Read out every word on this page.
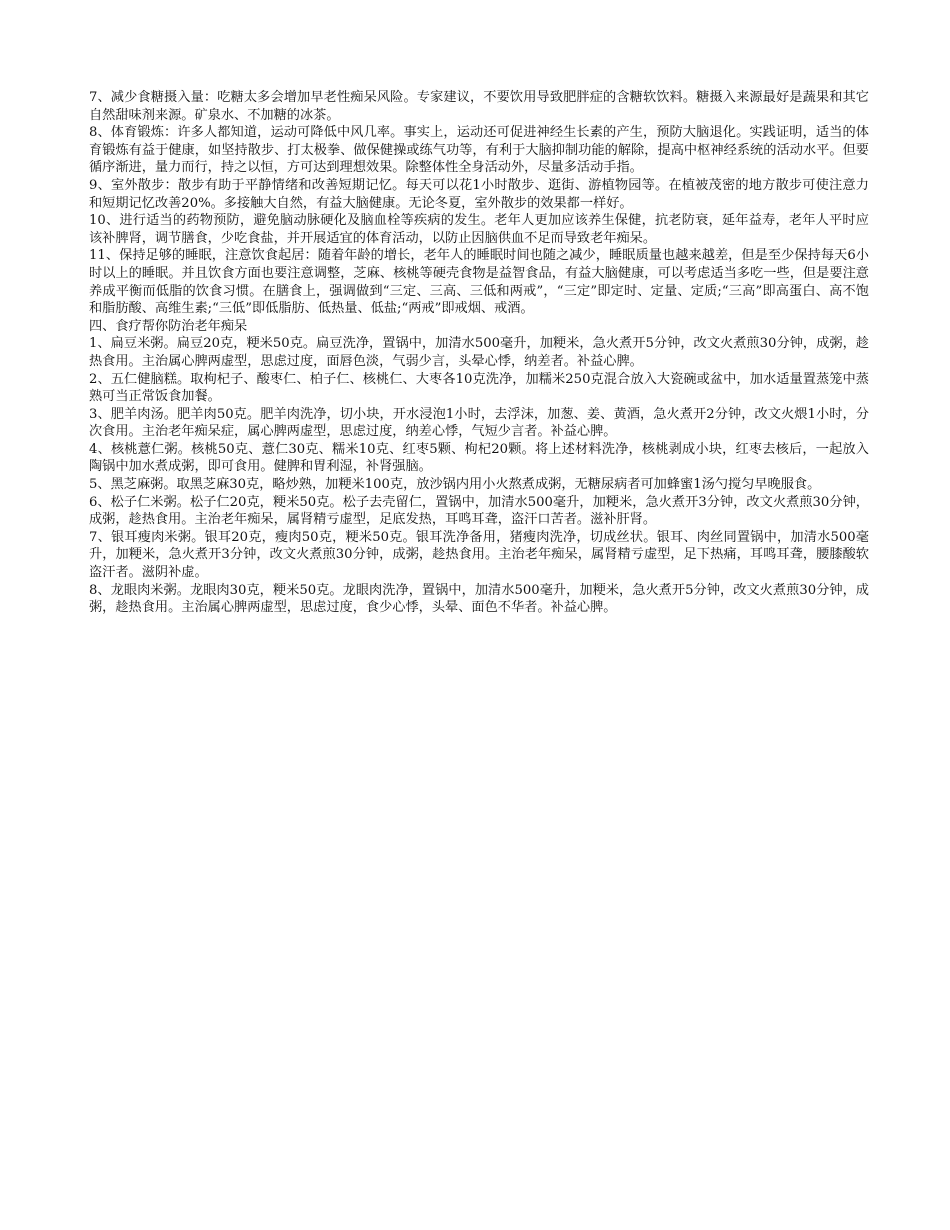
7、减少食糖摄入量：吃糖太多会增加早老性痴呆风险。专家建议，不要饮用导致肥胖症的含糖软饮料。糖摄入来源最好是蔬果和其它自然甜味剂来源。矿泉水、不加糖的冰茶。

8、体育锻炼：许多人都知道，运动可降低中风几率。事实上，运动还可促进神经生长素的产生，预防大脑退化。实践证明，适当的体育锻炼有益于健康，如坚持散步、打太极拳、做保健操或练气功等，有利于大脑抑制功能的解除，提高中枢神经系统的活动水平。但要循序渐进，量力而行，持之以恒，方可达到理想效果。除整体性全身活动外，尽量多活动手指。

9、室外散步：散步有助于平静情绪和改善短期记忆。每天可以花1小时散步、逛街、游植物园等。在植被茂密的地方散步可使注意力和短期记忆改善20%。多接触大自然，有益大脑健康。无论冬夏，室外散步的效果都一样好。

10、进行适当的药物预防，避免脑动脉硬化及脑血栓等疾病的发生。老年人更加应该养生保健，抗老防衰，延年益寿，老年人平时应该补脾肾，调节膳食，少吃食盐，并开展适宜的体育活动，以防止因脑供血不足而导致老年痴呆。

11、保持足够的睡眠，注意饮食起居：随着年龄的增长，老年人的睡眠时间也随之减少，睡眠质量也越来越差，但是至少保持每天6小时以上的睡眠。并且饮食方面也要注意调整，芝麻、核桃等硬壳食物是益智食品，有益大脑健康，可以考虑适当多吃一些，但是要注意养成平衡而低脂的饮食习惯。在膳食上，强调做到“三定、三高、三低和两戒”，“三定”即定时、定量、定质;“三高”即高蛋白、高不饱和脂肪酸、高维生素;“三低”即低脂肪、低热量、低盐;“两戒”即戒烟、戒酒。

四、食疗帮你防治老年痴呆

1、扁豆米粥。扁豆20克，粳米50克。扁豆洗净，置锅中，加清水500毫升，加粳米，急火煮开5分钟，改文火煮煎30分钟，成粥，趁热食用。主治属心脾两虚型，思虑过度，面唇色淡，气弱少言，头晕心悸，纳差者。补益心脾。

2、五仁健脑糕。取枸杞子、酸枣仁、柏子仁、核桃仁、大枣各10克洗净，加糯米250克混合放入大瓷碗或盆中，加水适量置蒸笼中蒸熟可当正常饭食加餐。

3、肥羊肉汤。肥羊肉50克。肥羊肉洗净，切小块，开水浸泡1小时，去浮沫，加葱、姜、黄酒，急火煮开2分钟，改文火煨1小时，分次食用。主治老年痴呆症，属心脾两虚型，思虑过度，纳差心悸，气短少言者。补益心脾。

4、核桃薏仁粥。核桃50克、薏仁30克、糯米10克、红枣5颗、枸杞20颗。将上述材料洗净，核桃剥成小块，红枣去核后，一起放入陶锅中加水煮成粥，即可食用。健脾和胃利湿，补肾强脑。

5、黑芝麻粥。取黑芝麻30克，略炒熟，加粳米100克，放沙锅内用小火熬煮成粥，无糖尿病者可加蜂蜜1汤勺搅匀早晚服食。

6、松子仁米粥。松子仁20克，粳米50克。松子去壳留仁，置锅中，加清水500毫升，加粳米，急火煮开3分钟，改文火煮煎30分钟，成粥，趁热食用。主治老年痴呆，属肾精亏虚型，足底发热，耳鸣耳聋，盗汗口苦者。滋补肝肾。

7、银耳瘦肉米粥。银耳20克，瘦肉50克，粳米50克。银耳洗净备用，猪瘦肉洗净，切成丝状。银耳、肉丝同置锅中，加清水500毫升，加粳米，急火煮开3分钟，改文火煮煎30分钟，成粥，趁热食用。主治老年痴呆，属肾精亏虚型，足下热痛，耳鸣耳聋，腰膝酸软盗汗者。滋阴补虚。

8、龙眼肉米粥。龙眼肉30克，粳米50克。龙眼肉洗净，置锅中，加清水500毫升，加粳米，急火煮开5分钟，改文火煮煎30分钟，成粥，趁热食用。主治属心脾两虚型，思虑过度，食少心悸，头晕、面色不华者。补益心脾。
